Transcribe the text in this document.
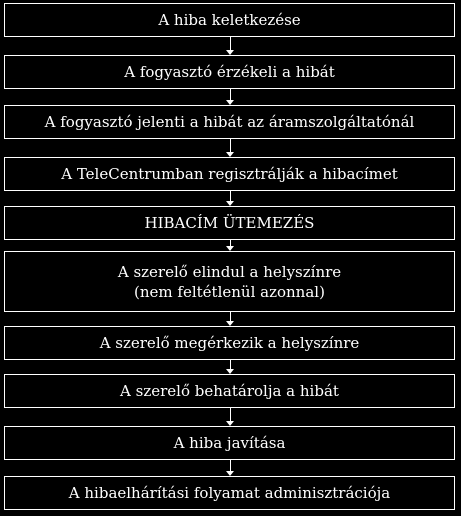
A hiba keletkezése
A fogyasztó érzékeli a hibát
A fogyasztó jelenti a hibát az áramszolgáltatónál
A TeleCentrumban regisztrálják a hibacímet
HIBACÍM ÜTEMEZÉS
A szerelő elindul a helyszínre
(nem feltétlenül azonnal)
A szerelő megérkezik a helyszínre
A szerelő behatárolja a hibát
A hiba javítása
A hibaelhárítási folyamat adminisztrációja
